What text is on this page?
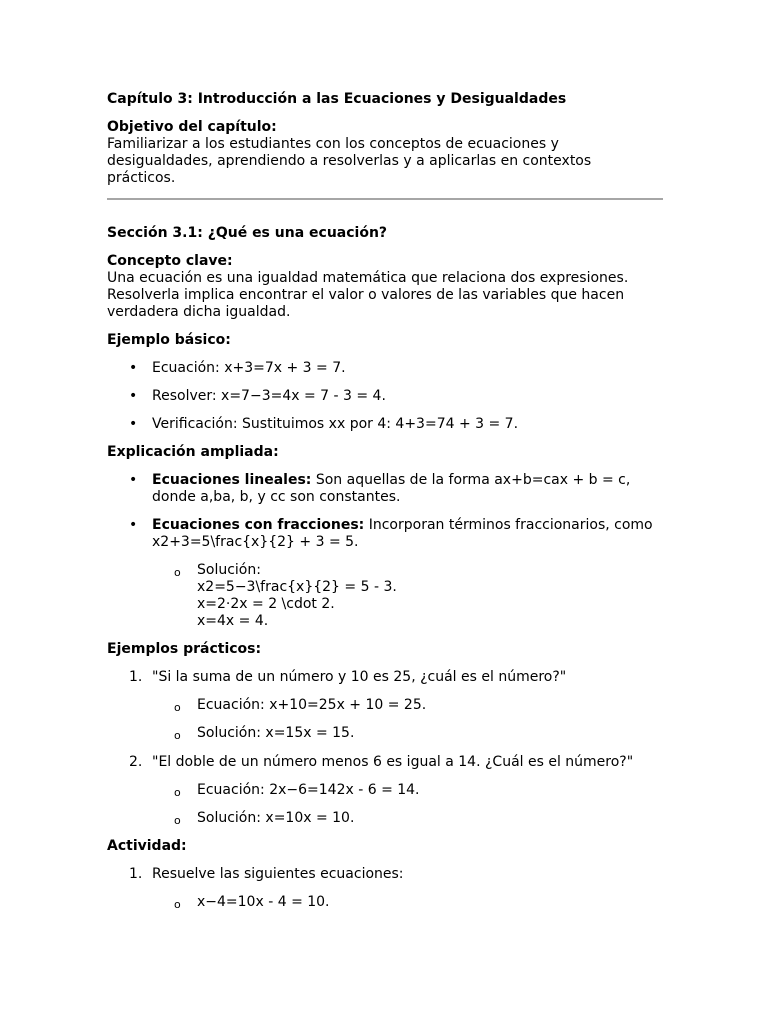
Capítulo 3: Introducción a las Ecuaciones y Desigualdades

Objetivo del capítulo:

Familiarizar a los estudiantes con los conceptos de ecuaciones y desigualdades, aprendiendo a resolverlas y a aplicarlas en contextos prácticos.

Sección 3.1: ¿Qué es una ecuación?

Concepto clave:

Una ecuación es una igualdad matemática que relaciona dos expresiones. Resolverla implica encontrar el valor o valores de las variables que hacen verdadera dicha igualdad.

Ejemplo básico:

• Ecuación: x+3=7x + 3 = 7.
• Resolver: x=7−3=4x = 7 - 3 = 4.
• Verificación: Sustituimos xx por 4: 4+3=74 + 3 = 7.

Explicación ampliada:

• Ecuaciones lineales: Son aquellas de la forma ax+b=cax + b = c, donde a,ba, b, y cc son constantes.
• Ecuaciones con fracciones: Incorporan términos fraccionarios, como x2+3=5\frac{x}{2} + 3 = 5.
o Solución:
x2=5−3\frac{x}{2} = 5 - 3.
x=2⋅2x = 2 \cdot 2.
x=4x = 4.

Ejemplos prácticos:

1. "Si la suma de un número y 10 es 25, ¿cuál es el número?"
o Ecuación: x+10=25x + 10 = 25.
o Solución: x=15x = 15.
2. "El doble de un número menos 6 es igual a 14. ¿Cuál es el número?"
o Ecuación: 2x−6=142x - 6 = 14.
o Solución: x=10x = 10.

Actividad:

1. Resuelve las siguientes ecuaciones:
o x−4=10x - 4 = 10.
